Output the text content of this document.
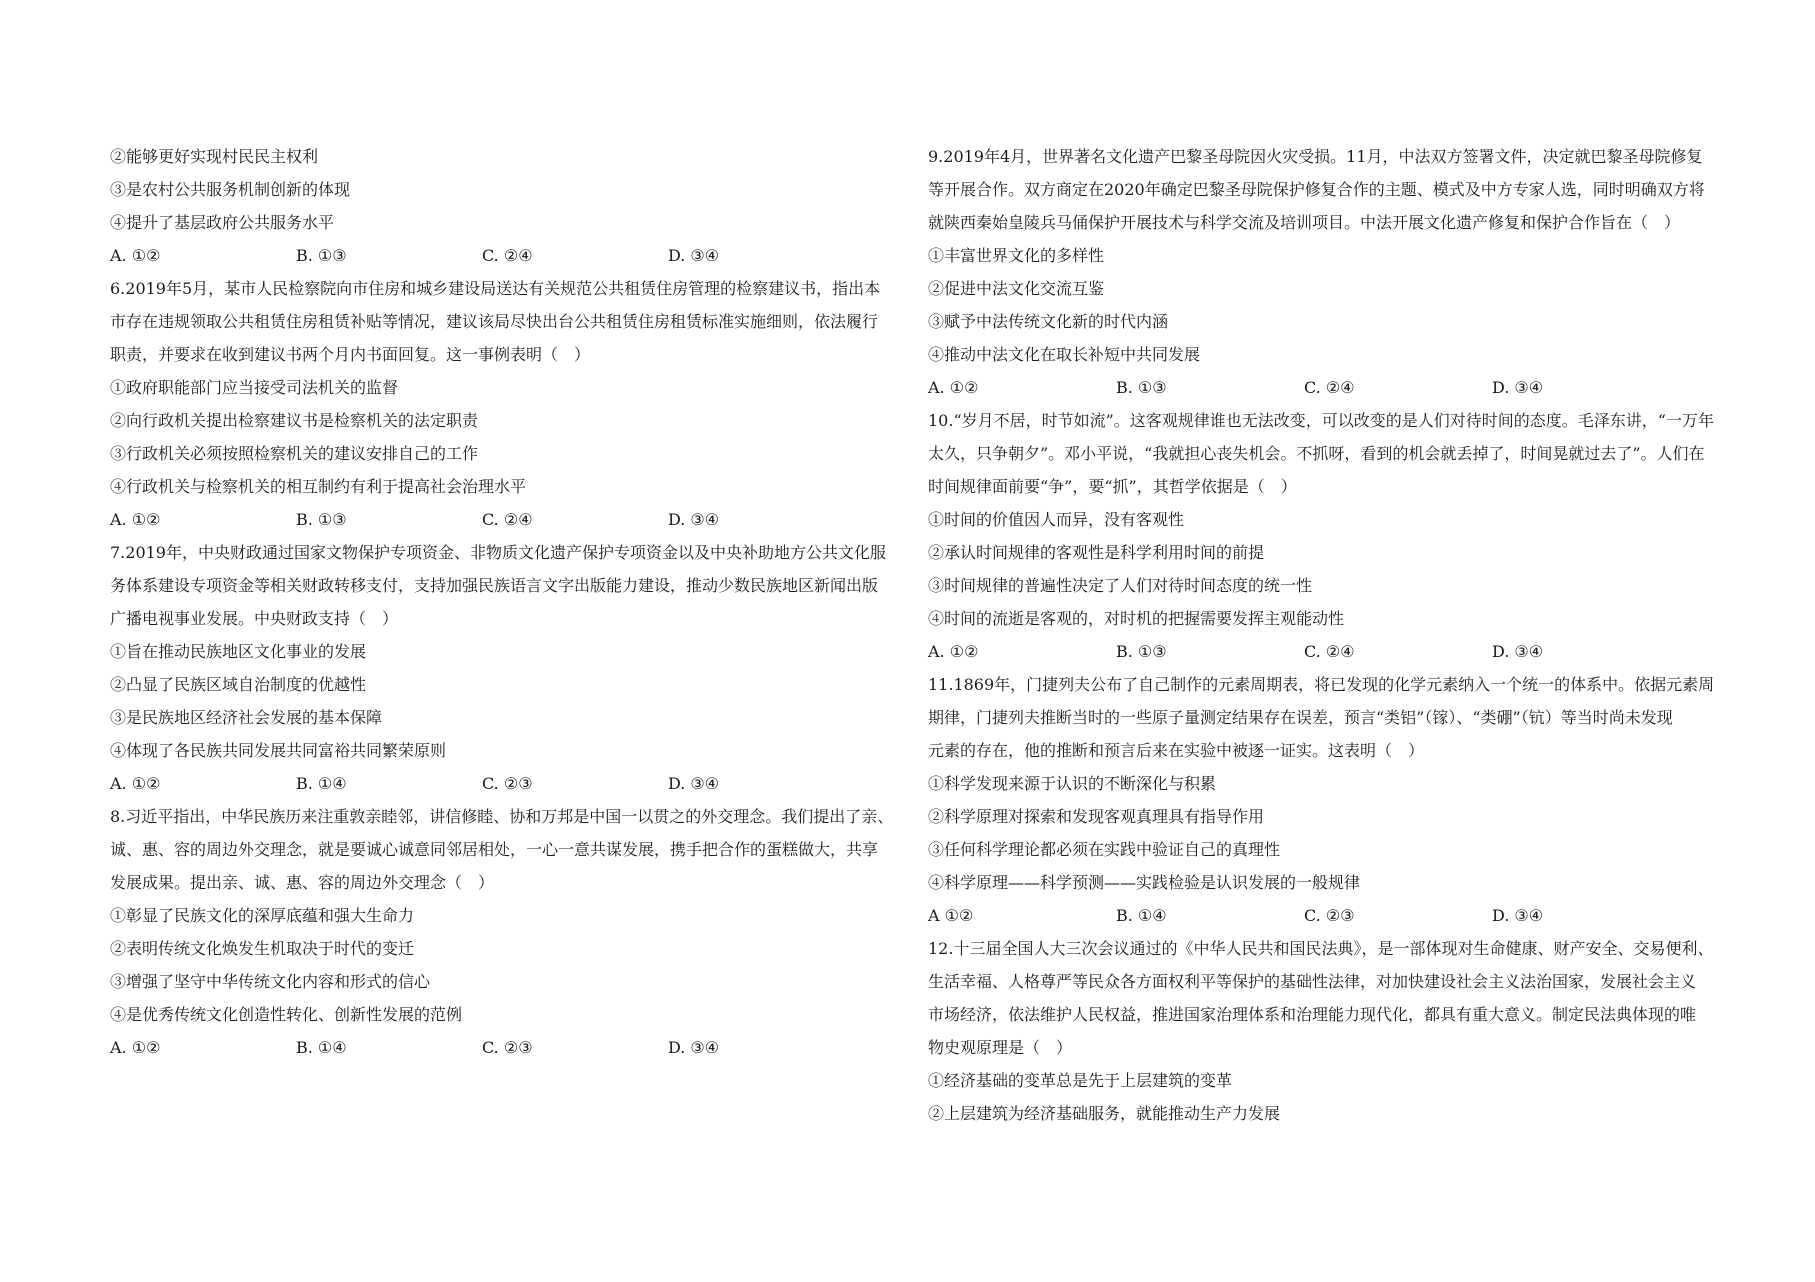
②能够更好实现村民民主权利
③是农村公共服务机制创新的体现
④提升了基层政府公共服务水平
A. ①②	B. ①③	C. ②④	D. ③④
6.2019年5月，某市人民检察院向市住房和城乡建设局送达有关规范公共租赁住房管理的检察建议书，指出本
市存在违规领取公共租赁住房租赁补贴等情况，建议该局尽快出台公共租赁住房租赁标准实施细则，依法履行
职责，并要求在收到建议书两个月内书面回复。这一事例表明（　）
①政府职能部门应当接受司法机关的监督
②向行政机关提出检察建议书是检察机关的法定职责
③行政机关必须按照检察机关的建议安排自己的工作
④行政机关与检察机关的相互制约有利于提高社会治理水平
A. ①②	B. ①③	C. ②④	D. ③④
7.2019年，中央财政通过国家文物保护专项资金、非物质文化遗产保护专项资金以及中央补助地方公共文化服
务体系建设专项资金等相关财政转移支付，支持加强民族语言文字出版能力建设，推动少数民族地区新闻出版
广播电视事业发展。中央财政支持（　）
①旨在推动民族地区文化事业的发展
②凸显了民族区域自治制度的优越性
③是民族地区经济社会发展的基本保障
④体现了各民族共同发展共同富裕共同繁荣原则
A. ①②	B. ①④	C. ②③	D. ③④
8.习近平指出，中华民族历来注重敦亲睦邻，讲信修睦、协和万邦是中国一以贯之的外交理念。我们提出了亲、
诚、惠、容的周边外交理念，就是要诚心诚意同邻居相处，一心一意共谋发展，携手把合作的蛋糕做大，共享
发展成果。提出亲、诚、惠、容的周边外交理念（　）
①彰显了民族文化的深厚底蕴和强大生命力
②表明传统文化焕发生机取决于时代的变迁
③增强了坚守中华传统文化内容和形式的信心
④是优秀传统文化创造性转化、创新性发展的范例
A. ①②	B. ①④	C. ②③	D. ③④
9.2019年4月，世界著名文化遗产巴黎圣母院因火灾受损。11月，中法双方签署文件，决定就巴黎圣母院修复
等开展合作。双方商定在2020年确定巴黎圣母院保护修复合作的主题、模式及中方专家人选，同时明确双方将
就陕西秦始皇陵兵马俑保护开展技术与科学交流及培训项目。中法开展文化遗产修复和保护合作旨在（　）
①丰富世界文化的多样性
②促进中法文化交流互鉴
③赋予中法传统文化新的时代内涵
④推动中法文化在取长补短中共同发展
A. ①②	B. ①③	C. ②④	D. ③④
10.“岁月不居，时节如流”。这客观规律谁也无法改变，可以改变的是人们对待时间的态度。毛泽东讲，“一万年
太久，只争朝夕”。邓小平说，“我就担心丧失机会。不抓呀，看到的机会就丢掉了，时间晃就过去了”。人们在
时间规律面前要“争”，要“抓”，其哲学依据是（　）
①时间的价值因人而异，没有客观性
②承认时间规律的客观性是科学利用时间的前提
③时间规律的普遍性决定了人们对待时间态度的统一性
④时间的流逝是客观的，对时机的把握需要发挥主观能动性
A. ①②	B. ①③	C. ②④	D. ③④
11.1869年，门捷列夫公布了自己制作的元素周期表，将已发现的化学元素纳入一个统一的体系中。依据元素周
期律，门捷列夫推断当时的一些原子量测定结果存在误差，预言“类铝”（镓）、“类硼”（钪）等当时尚未发现
元素的存在，他的推断和预言后来在实验中被逐一证实。这表明（　）
①科学发现来源于认识的不断深化与积累
②科学原理对探索和发现客观真理具有指导作用
③任何科学理论都必须在实践中验证自己的真理性
④科学原理——科学预测——实践检验是认识发展的一般规律
A ①②	B. ①④	C. ②③	D. ③④
12.十三届全国人大三次会议通过的《中华人民共和国民法典》，是一部体现对生命健康、财产安全、交易便利、
生活幸福、人格尊严等民众各方面权利平等保护的基础性法律，对加快建设社会主义法治国家，发展社会主义
市场经济，依法维护人民权益，推进国家治理体系和治理能力现代化，都具有重大意义。制定民法典体现的唯
物史观原理是（　）
①经济基础的变革总是先于上层建筑的变革
②上层建筑为经济基础服务，就能推动生产力发展
